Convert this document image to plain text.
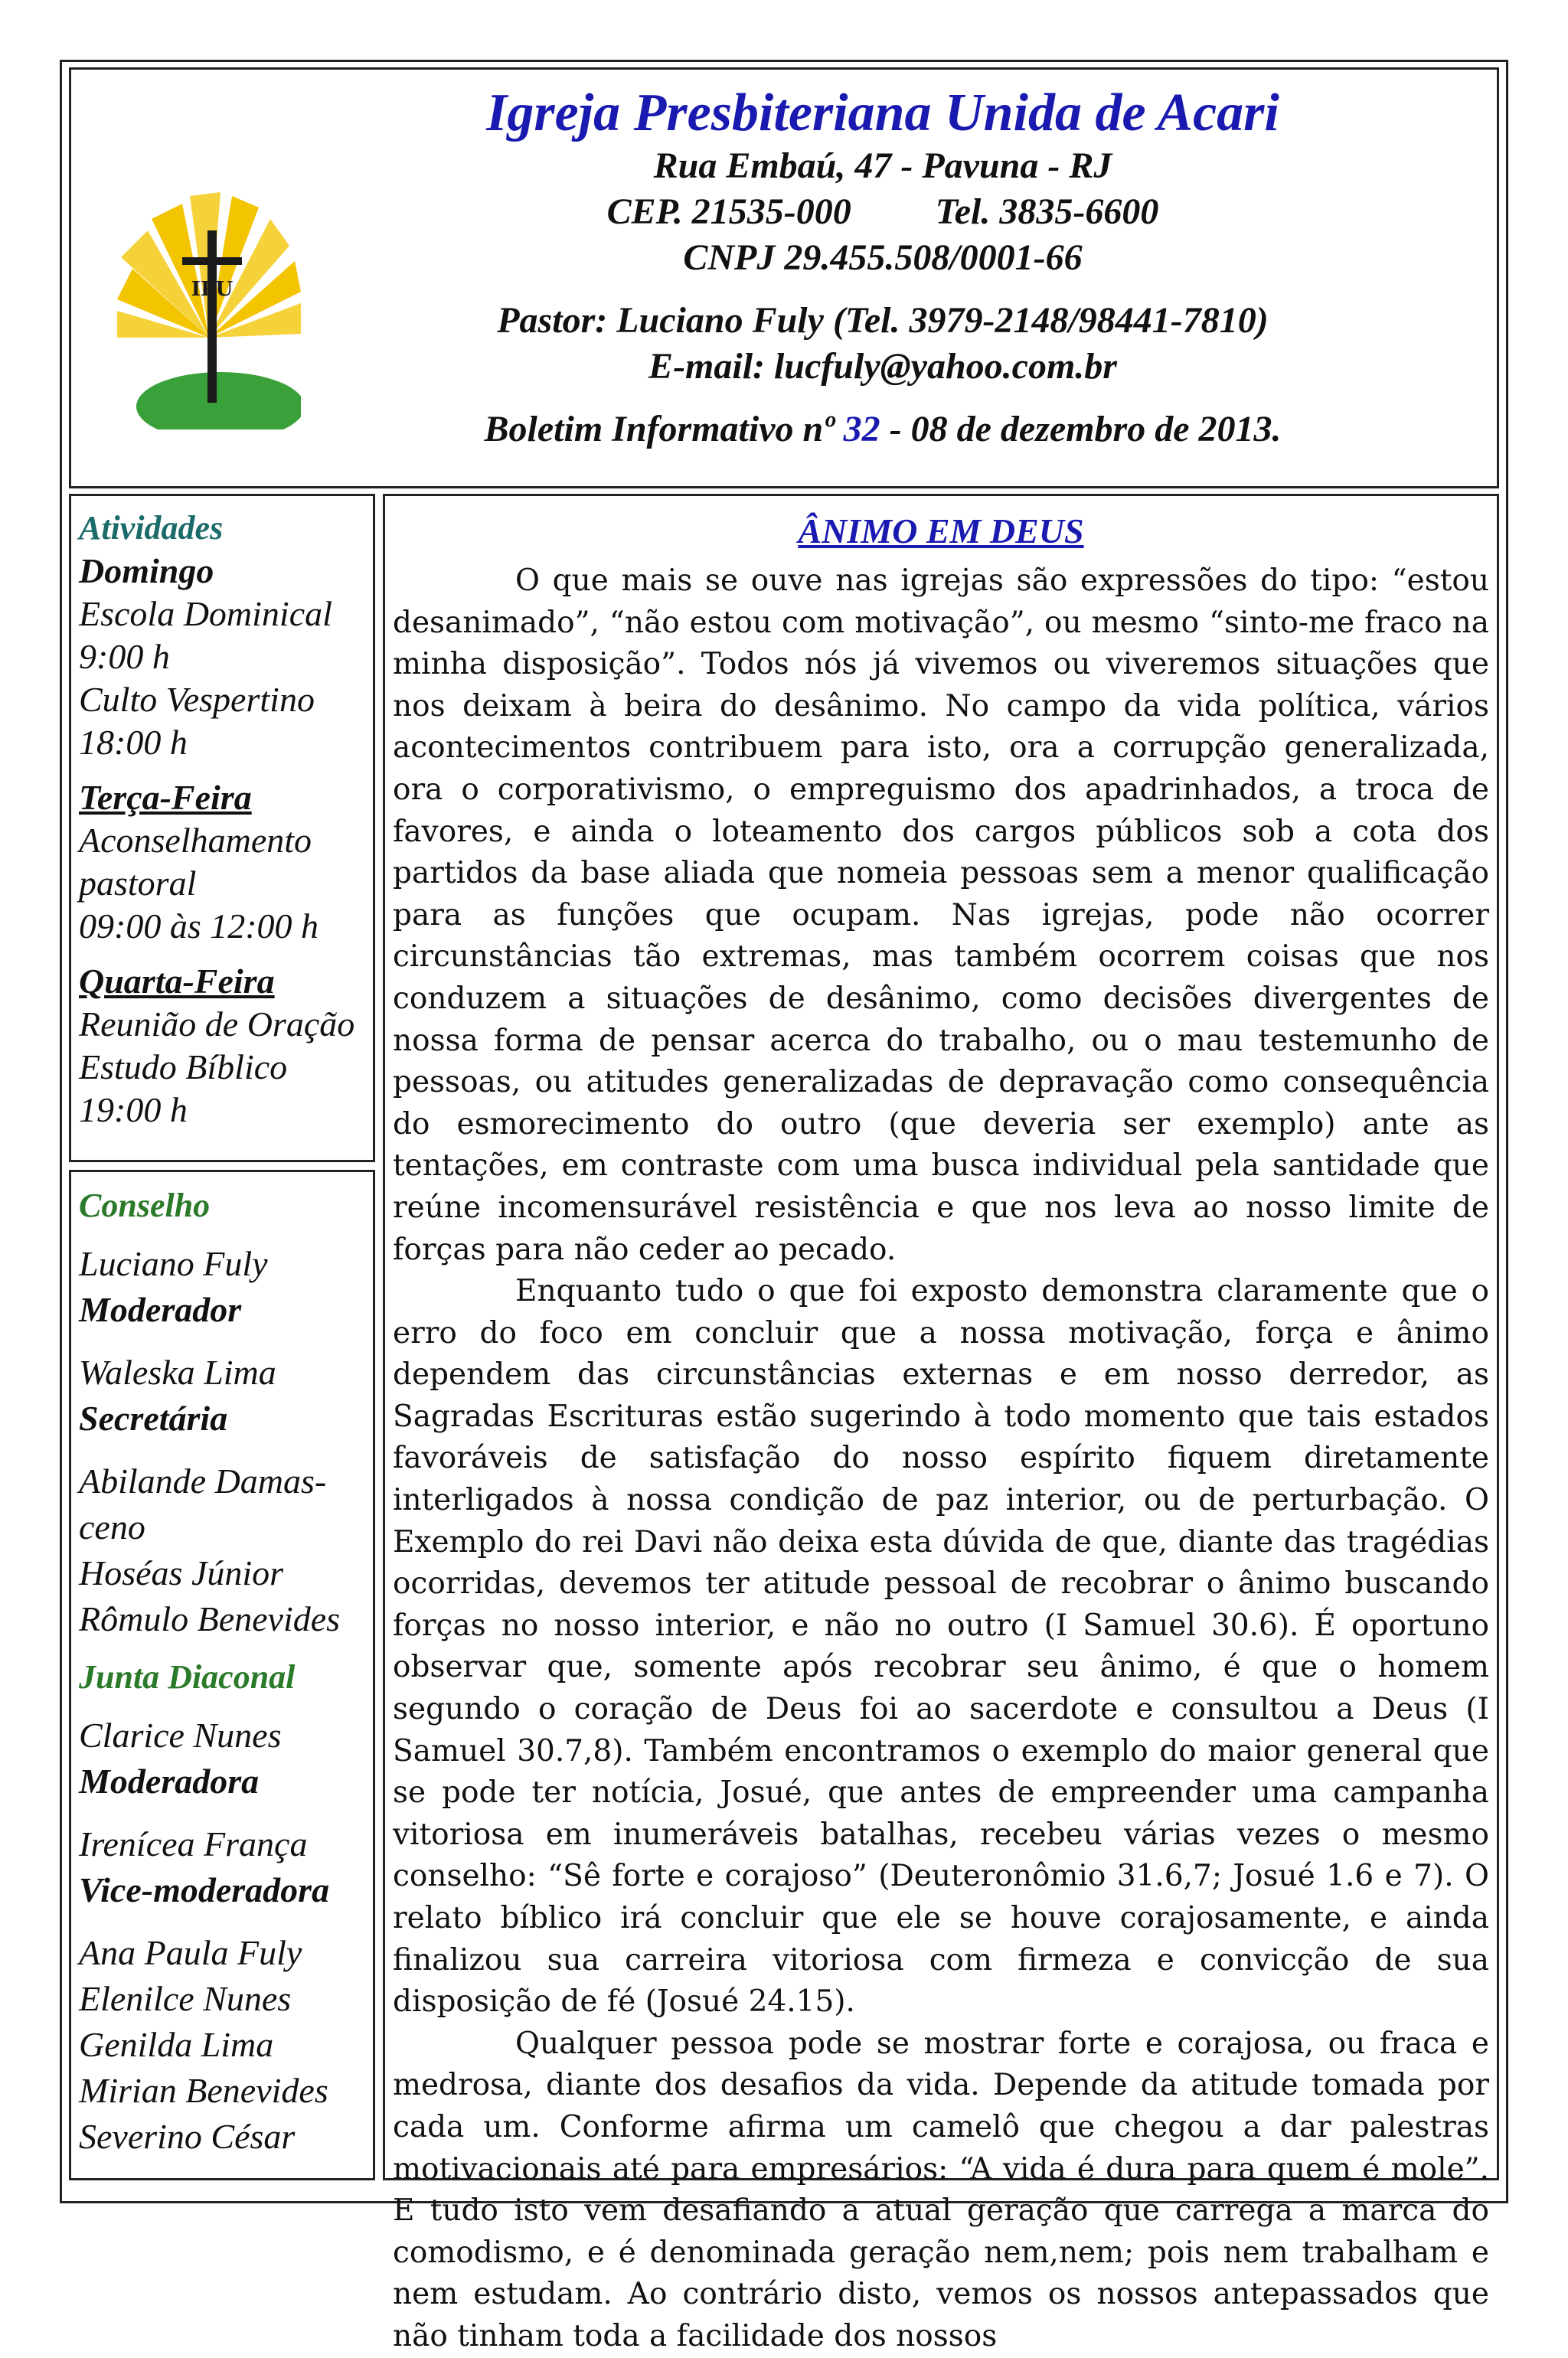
IPU
Igreja Presbiteriana Unida de Acari
Rua Embaú, 47 - Pavuna - RJ
CEP. 21535-000 Tel. 3835-6600
CNPJ 29.455.508/0001-66
Pastor: Luciano Fuly (Tel. 3979-2148/98441-7810)
E-mail: lucfuly@yahoo.com.br
Boletim Informativo nº 32 - 08 de dezembro de 2013.
Atividades
Domingo
Escola Dominical
9:00 h
Culto Vespertino
18:00 h
Terça-Feira
Aconselhamento
pastoral
09:00 às 12:00 h
Quarta-Feira
Reunião de Oração
Estudo Bíblico
19:00 h
Conselho
Luciano Fuly
Moderador
Waleska Lima
Secretária
Abilande Damas-
ceno
Hoséas Júnior
Rômulo Benevides
Junta Diaconal
Clarice Nunes
Moderadora
Irenícea França
Vice-moderadora
Ana Paula Fuly
Elenilce Nunes
Genilda Lima
Mirian Benevides
Severino César
ÂNIMO EM DEUS

O que mais se ouve nas igrejas são expressões do tipo: “estou desanimado”, “não estou com motivação”, ou mesmo “sinto-me fraco na minha disposição”. Todos nós já vivemos ou viveremos situações que nos deixam à beira do desânimo. No campo da vida política, vários acontecimentos contribuem para isto, ora a corrupção generalizada, ora o corporativismo, o empreguismo dos apadrinhados, a troca de favores, e ainda o loteamento dos cargos públicos sob a cota dos partidos da base aliada que nomeia pessoas sem a menor qualificação para as funções que ocupam. Nas igrejas, pode não ocorrer circunstâncias tão extremas, mas também ocorrem coisas que nos conduzem a situações de desânimo, como decisões divergentes de nossa forma de pensar acerca do trabalho, ou o mau testemunho de pessoas, ou atitudes generalizadas de depravação como consequência do esmorecimento do outro (que deveria ser exemplo) ante as tentações, em contraste com uma busca individual pela santidade que reúne incomensurável resistência e que nos leva ao nosso limite de forças para não ceder ao pecado.

Enquanto tudo o que foi exposto demonstra claramente que o erro do foco em concluir que a nossa motivação, força e ânimo dependem das circunstâncias externas e em nosso derredor, as Sagradas Escrituras estão sugerindo à todo momento que tais estados favoráveis de satisfação do nosso espírito fiquem diretamente interligados à nossa condição de paz interior, ou de perturbação. O Exemplo do rei Davi não deixa esta dúvida de que, diante das tragédias ocorridas, devemos ter atitude pessoal de recobrar o ânimo buscando forças no nosso interior, e não no outro (I Samuel 30.6). É oportuno observar que, somente após recobrar seu ânimo, é que o homem segundo o coração de Deus foi ao sacerdote e consultou a Deus (I Samuel 30.7,8). Também encontramos o exemplo do maior general que se pode ter notícia, Josué, que antes de empreender uma campanha vitoriosa em inumeráveis batalhas, recebeu várias vezes o mesmo conselho: “Sê forte e corajoso” (Deuteronômio 31.6,7; Josué 1.6 e 7). O relato bíblico irá concluir que ele se houve corajosamente, e ainda finalizou sua carreira vitoriosa com firmeza e convicção de sua disposição de fé (Josué 24.15).

Qualquer pessoa pode se mostrar forte e corajosa, ou fraca e medrosa, diante dos desafios da vida. Depende da atitude tomada por cada um. Conforme afirma um camelô que chegou a dar palestras motivacionais até para empresários: “A vida é dura para quem é mole”. E tudo isto vem desafiando a atual geração que carrega a marca do comodismo, e é denominada geração nem,nem; pois nem trabalham e nem estudam. Ao contrário disto, vemos os nossos antepassados que não tinham toda a facilidade dos nossos
